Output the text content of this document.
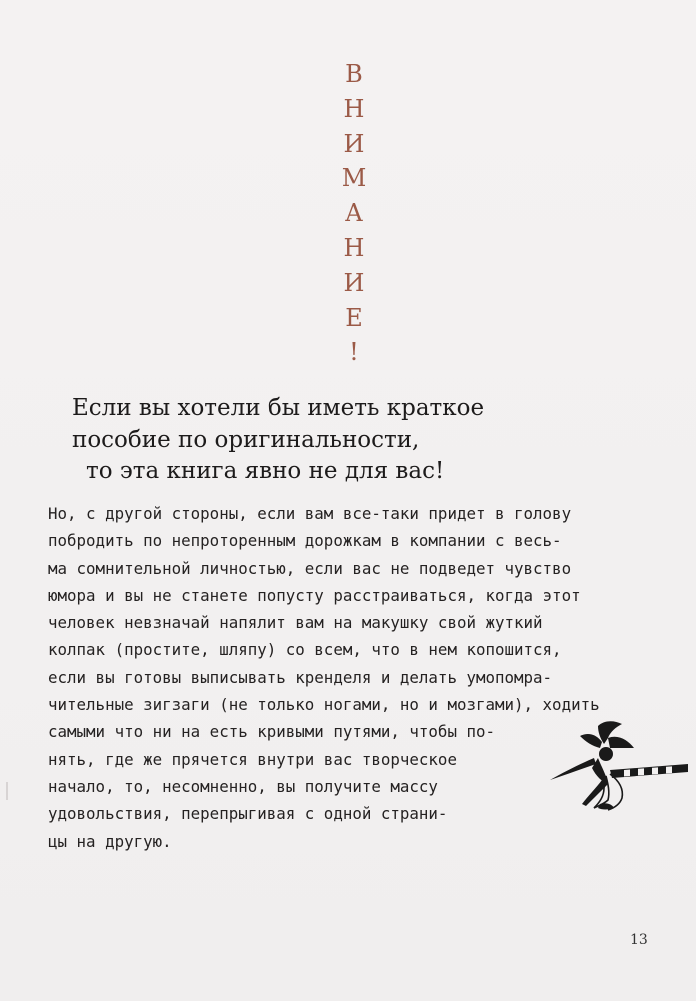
В
Н
И
М
А
Н
И
Е
!
Если вы хотели бы иметь краткое
пособие по оригинальности,
то эта книга явно не для вас!

Но, с другой стороны, если вам все-таки придет в голову
побродить по непроторенным дорожкам в компании с весь-
ма сомнительной личностью, если вас не подведет чувство
юмора и вы не станете попусту расстраиваться, когда этот
человек невзначай напялит вам на макушку свой жуткий
колпак (простите, шляпу) со всем, что в нем копошится,
если вы готовы выписывать кренделя и делать умопомра-
чительные зигзаги (не только ногами, но и мозгами), ходить
самыми что ни на есть кривыми путями, чтобы по-
нять, где же прячется внутри вас творческое
начало, то, несомненно, вы получите массу
удовольствия, перепрыгивая с одной страни-
цы на другую.

13
